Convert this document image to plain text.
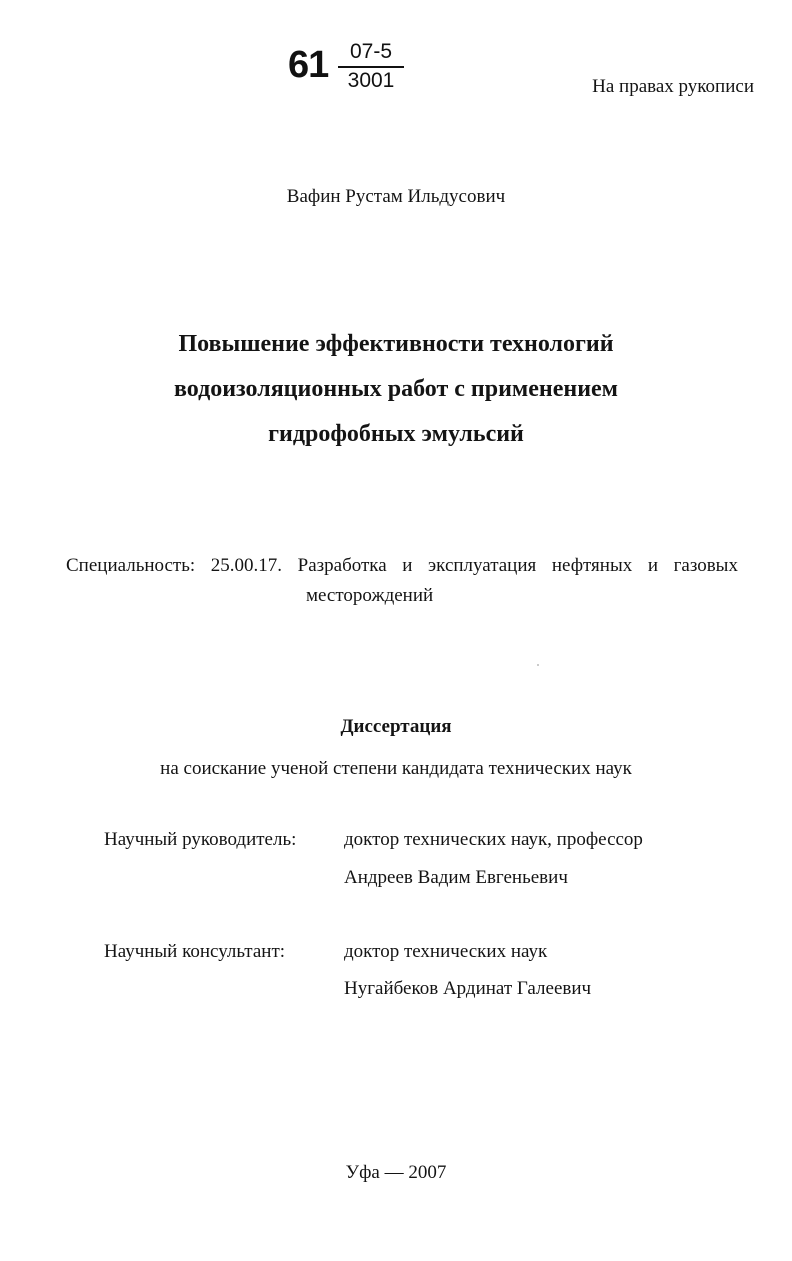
61	07-5
3001	На правах рукописи
Вафин Рустам Ильдусович
Повышение эффективности технологий
водоизоляционных работ с применением
гидрофобных эмульсий
Специальность: 25.00.17. Разработка и эксплуатация нефтяных и газовых
месторождений
Диссертация
на соискание ученой степени кандидата технических наук
Научный руководитель:	доктор технических наук, профессор
Андреев Вадим Евгеньевич
Научный консультант:	доктор технических наук
Нугайбеков Ардинат Галеевич
Уфа — 2007
